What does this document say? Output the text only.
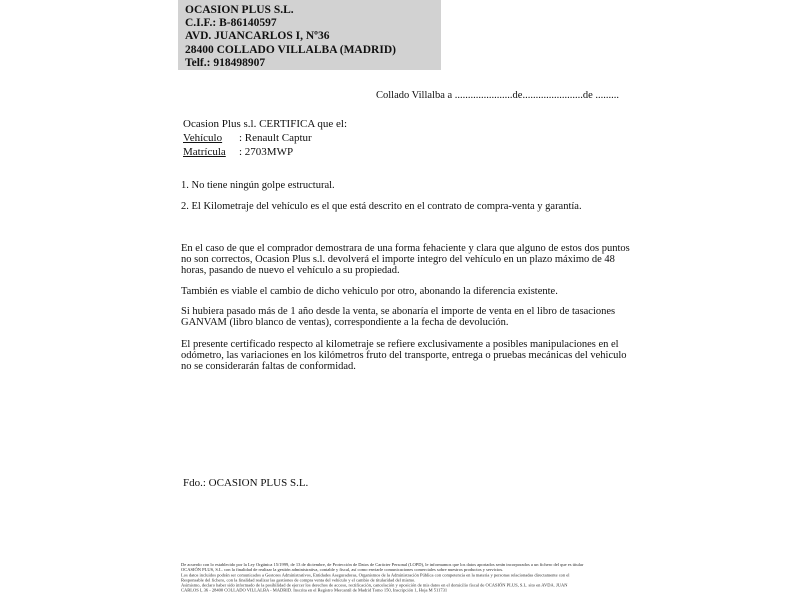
OCASION PLUS S.L.
C.I.F.: B-86140597
AVD. JUANCARLOS I, Nº36
28400 COLLADO VILLALBA (MADRID)
Telf.: 918498907
Collado Villalba a ......................de.......................de .........
Ocasion Plus s.l. CERTIFICA que el:
Vehículo : Renault Captur
Matrícula : 2703MWP
1. No tiene ningún golpe estructural.
2. El Kilometraje del vehículo es el que está descrito en el contrato de compra-venta y garantía.
En el caso de que el comprador demostrara de una forma fehaciente y clara que alguno de estos dos puntos no son correctos, Ocasion Plus s.l. devolverá el importe integro del vehículo en un plazo máximo de 48 horas, pasando de nuevo el vehículo a su propiedad.
También es viable el cambio de dicho vehiculo por otro, abonando la diferencia existente.
Si hubiera pasado más de 1 año desde la venta, se abonaría el importe de venta en el libro de tasaciones GANVAM (libro blanco de ventas), correspondiente a la fecha de devolución.
El presente certificado respecto al kilometraje se refiere exclusivamente a posibles manipulaciones en el odómetro, las variaciones en los kilómetros fruto del transporte, entrega o pruebas mecánicas del vehiculo no se considerarán faltas de conformidad.
Fdo.: OCASION PLUS S.L.
De acuerdo con lo establecido por la Ley Orgánica 15/1999, de 13 de diciembre, de Protección de Datos de Carácter Personal (LOPD), le informamos que los datos aportados serán incorporados a un fichero del que es titular
OCASIÓN PLUS, S.L. con la finalidad de realizar la gestión administrativa, contable y fiscal, así como enviarle comunicaciones comerciales sobre nuestros productos y servicios.
Los datos incluidos podrán ser comunicados a Gestores Administrativos, Entidades Aseguradoras, Organismos de la Administración Pública con competencia en la materia y personas relacionadas directamente con el
Responsable del fichero, con la finalidad realizar las gestiones de compra venta del vehículo y el cambio de titularidad del mismo.
Asimismo, declaro haber sido informado de la posibilidad de ejercer los derechos de acceso, rectificación, cancelación y oposición de mis datos en el domicilio fiscal de OCASIÓN PLUS, S.L. sito en AVDA. JUAN
CARLOS I, 36 - 28400 COLLADO VILLALBA - MADRID. Inscrita en el Registro Mercantil de Madrid Tomo 150, Inscripción 1, Hoja M 511731
